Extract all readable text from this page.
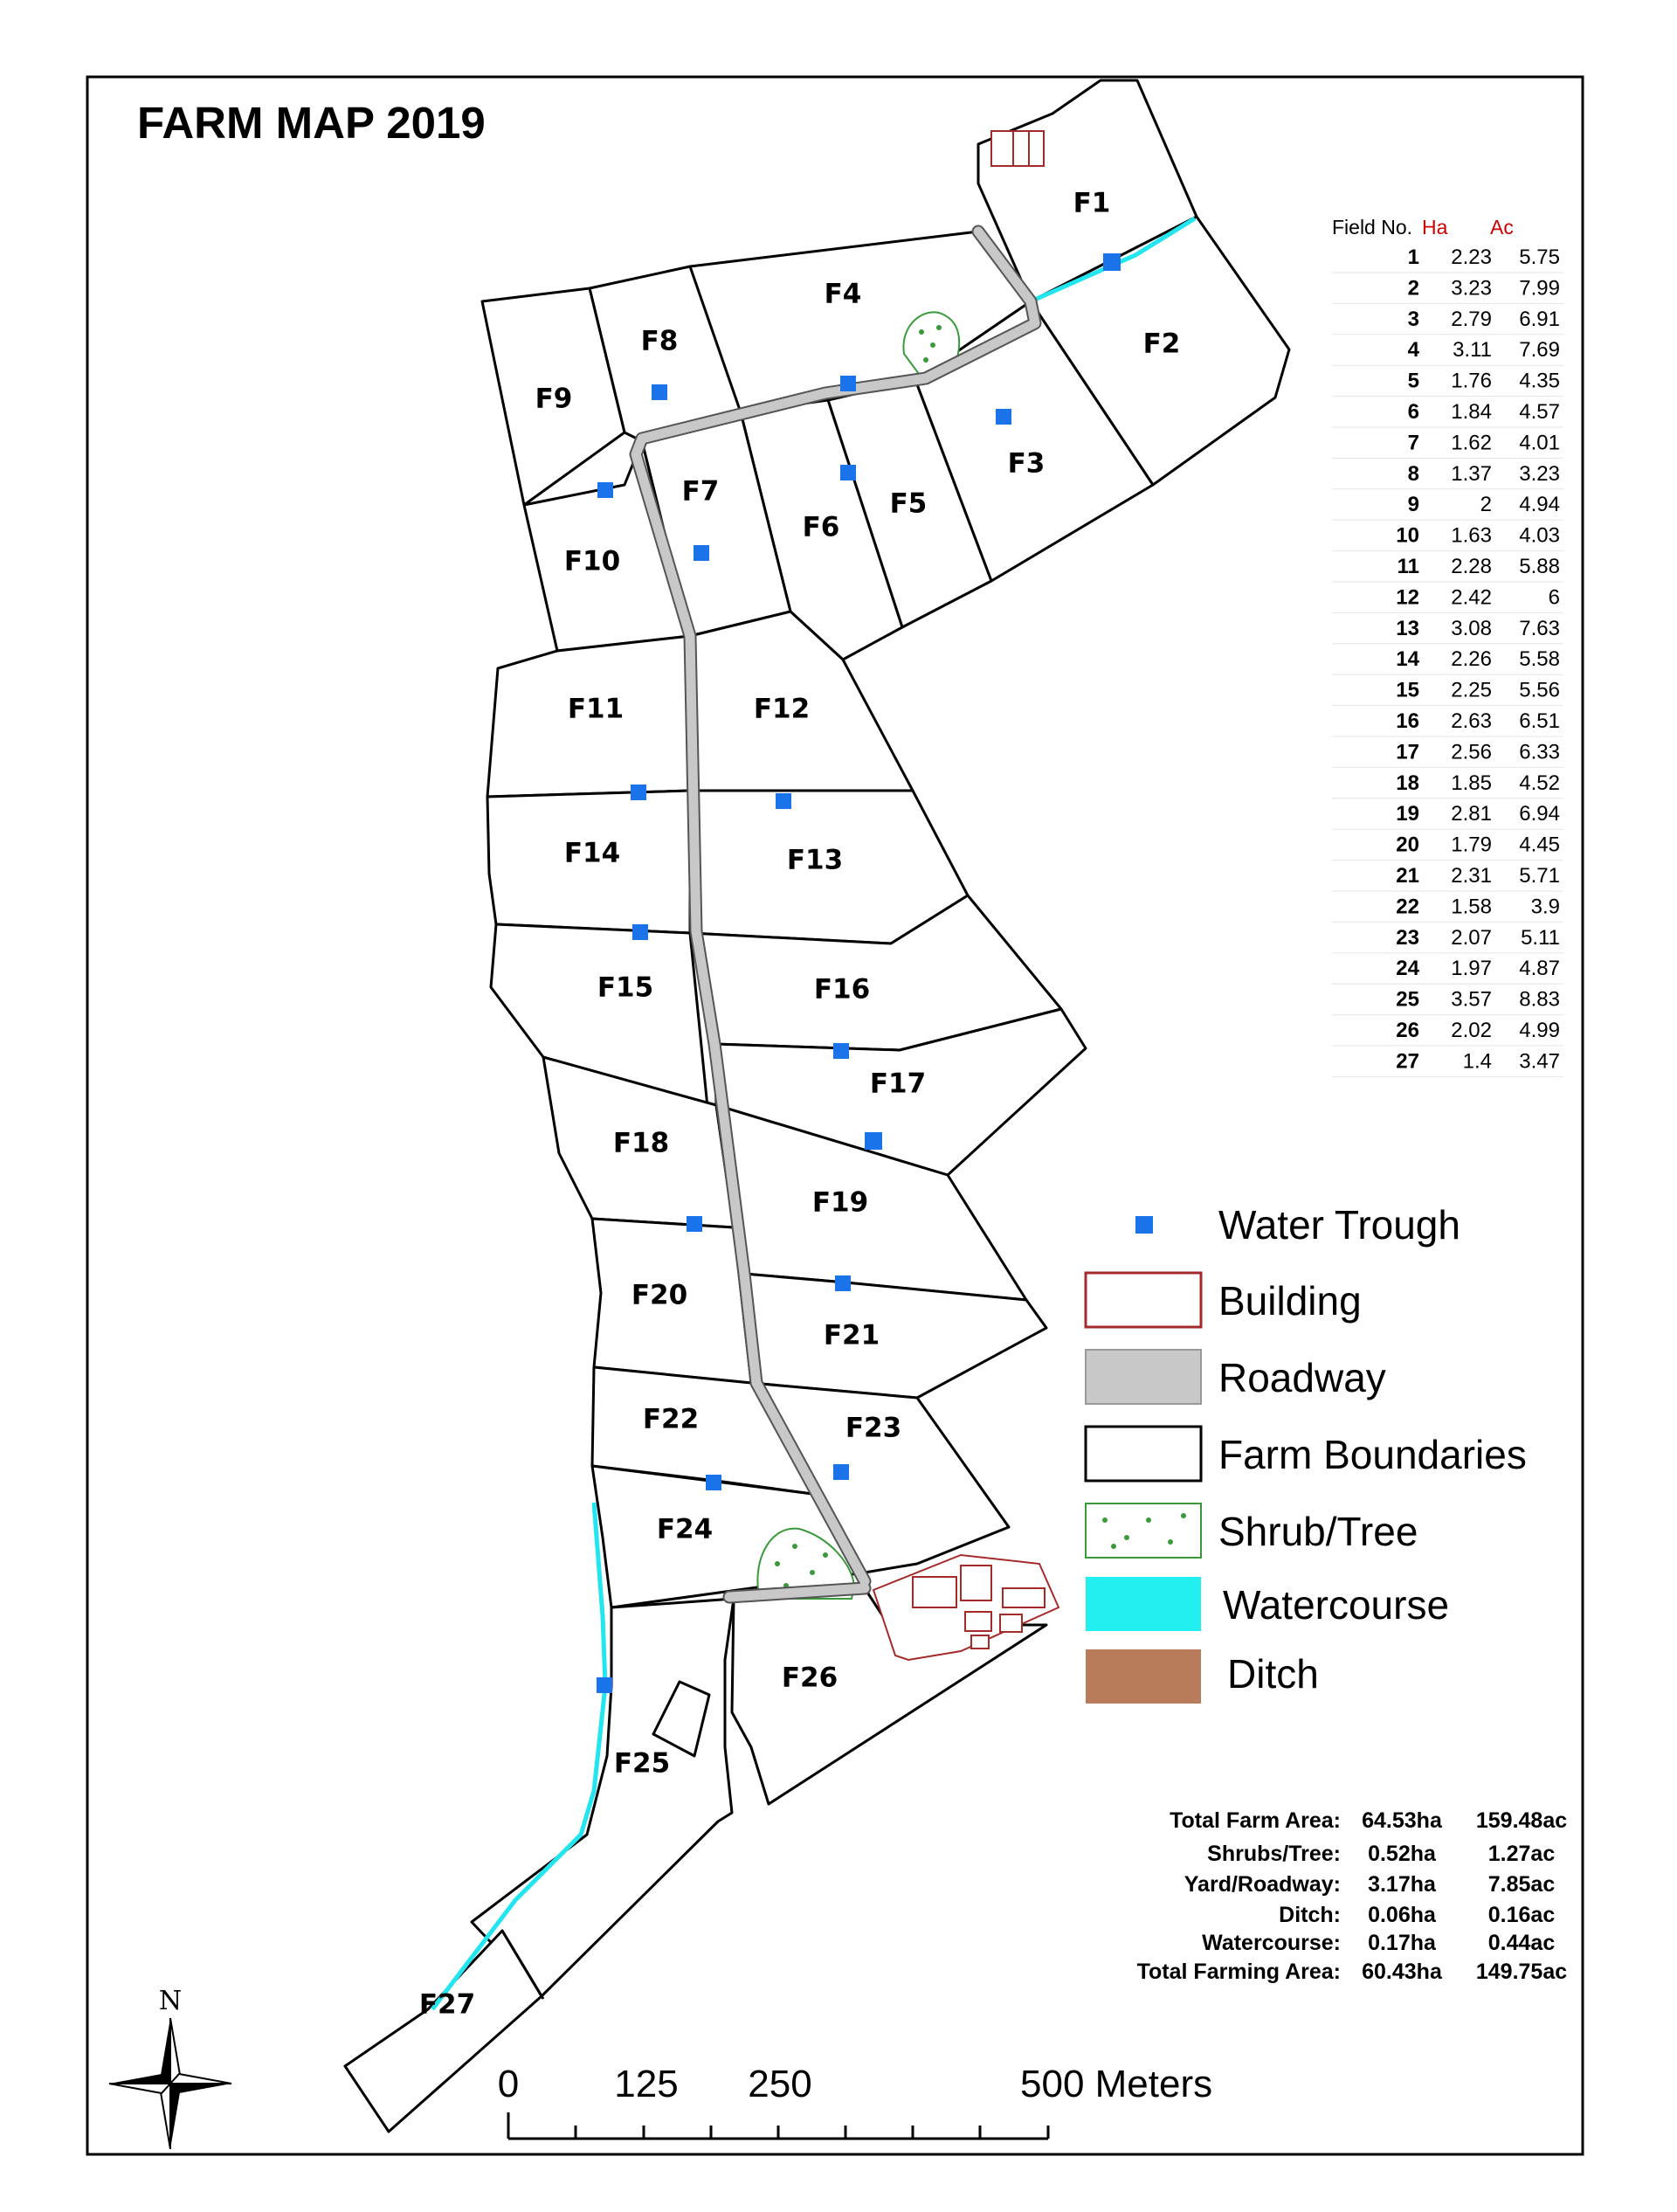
FARM MAP 2019
F1
F2
F3
F4
F5
F6
F7
F8
F9
F10
F11	F12
F13
F14
F15	F16
F17
F18
F19
F20
F21
F22	F23
F24
F25
F26
F27
Field No. Ha Ac
1 2.23 5.75
2 3.23 7.99
3 2.79 6.91
4 3.11 7.69
5 1.76 4.35
6 1.84 4.57
7 1.62 4.01
8 1.37 3.23
9	2 4.94
10 1.63 4.03
11 2.28 5.88
12 2.42	6
13 3.08 7.63
14 2.26 5.58
15 2.25 5.56
16 2.63 6.51
17 2.56 6.33
18 1.85 4.52
19 2.81 6.94
20 1.79 4.45
21 2.31 5.71
22 1.58 3.9
23 2.07 5.11
24 1.97 4.87
25 3.57 8.83
26 2.02 4.99
27 1.4 3.47
Water Trough
Building
Roadway
Farm Boundaries
Shrub/Tree
Watercourse
Ditch
Total Farm Area: 64.53ha 159.48ac
Shrubs/Tree: 0.52ha 1.27ac
Yard/Roadway: 3.17ha 7.85ac
Ditch: 0.06ha 0.16ac
Watercourse: 0.17ha 0.44ac
Total Farming Area: 60.43ha 149.75ac
N
0 125 250	500 Meters
